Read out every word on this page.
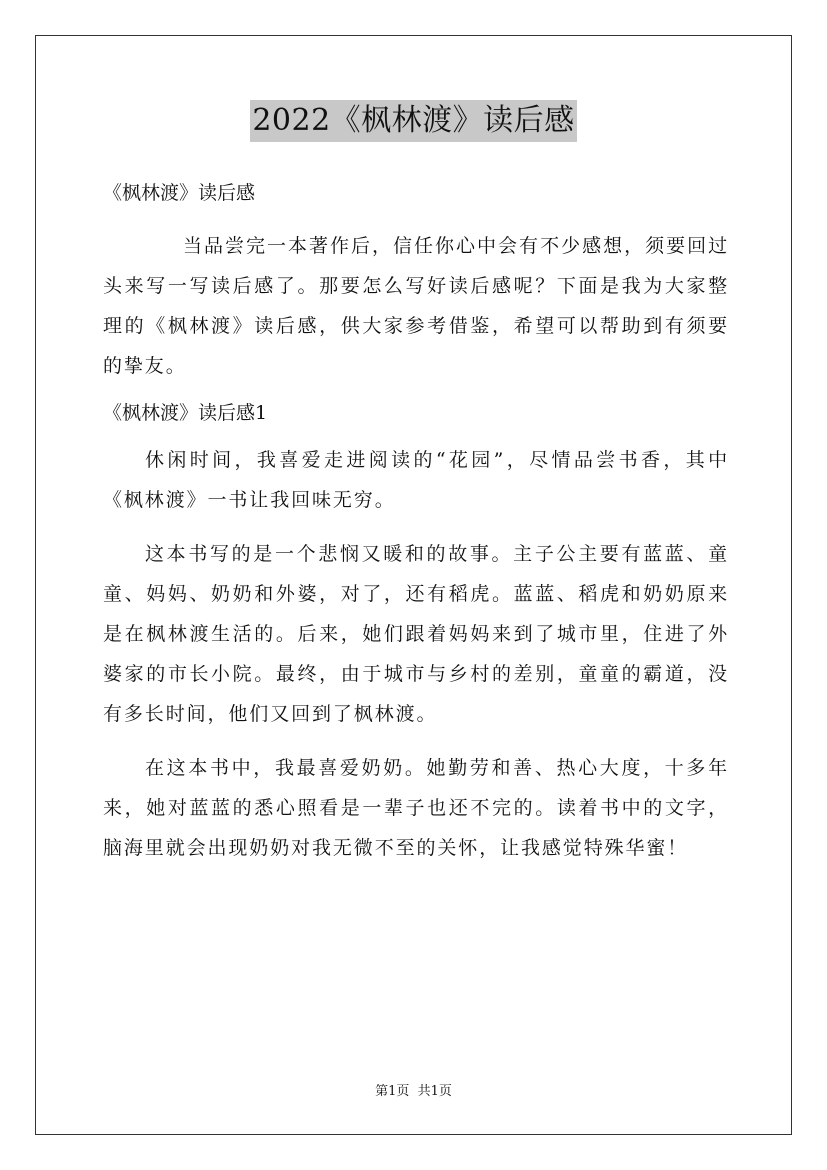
2022《枫林渡》读后感

《枫林渡》读后感

当品尝完一本著作后，信任你心中会有不少感想，须要回过头来写一写读后感了。那要怎么写好读后感呢？下面是我为大家整理的《枫林渡》读后感，供大家参考借鉴，希望可以帮助到有须要的挚友。

《枫林渡》读后感1

休闲时间，我喜爱走进阅读的“花园”，尽情品尝书香，其中《枫林渡》一书让我回味无穷。

这本书写的是一个悲悯又暖和的故事。主子公主要有蓝蓝、童童、妈妈、奶奶和外婆，对了，还有稻虎。蓝蓝、稻虎和奶奶原来是在枫林渡生活的。后来，她们跟着妈妈来到了城市里，住进了外婆家的市长小院。最终，由于城市与乡村的差别，童童的霸道，没有多长时间，他们又回到了枫林渡。

在这本书中，我最喜爱奶奶。她勤劳和善、热心大度，十多年来，她对蓝蓝的悉心照看是一辈子也还不完的。读着书中的文字，脑海里就会出现奶奶对我无微不至的关怀，让我感觉特殊华蜜！

第1页  共1页
